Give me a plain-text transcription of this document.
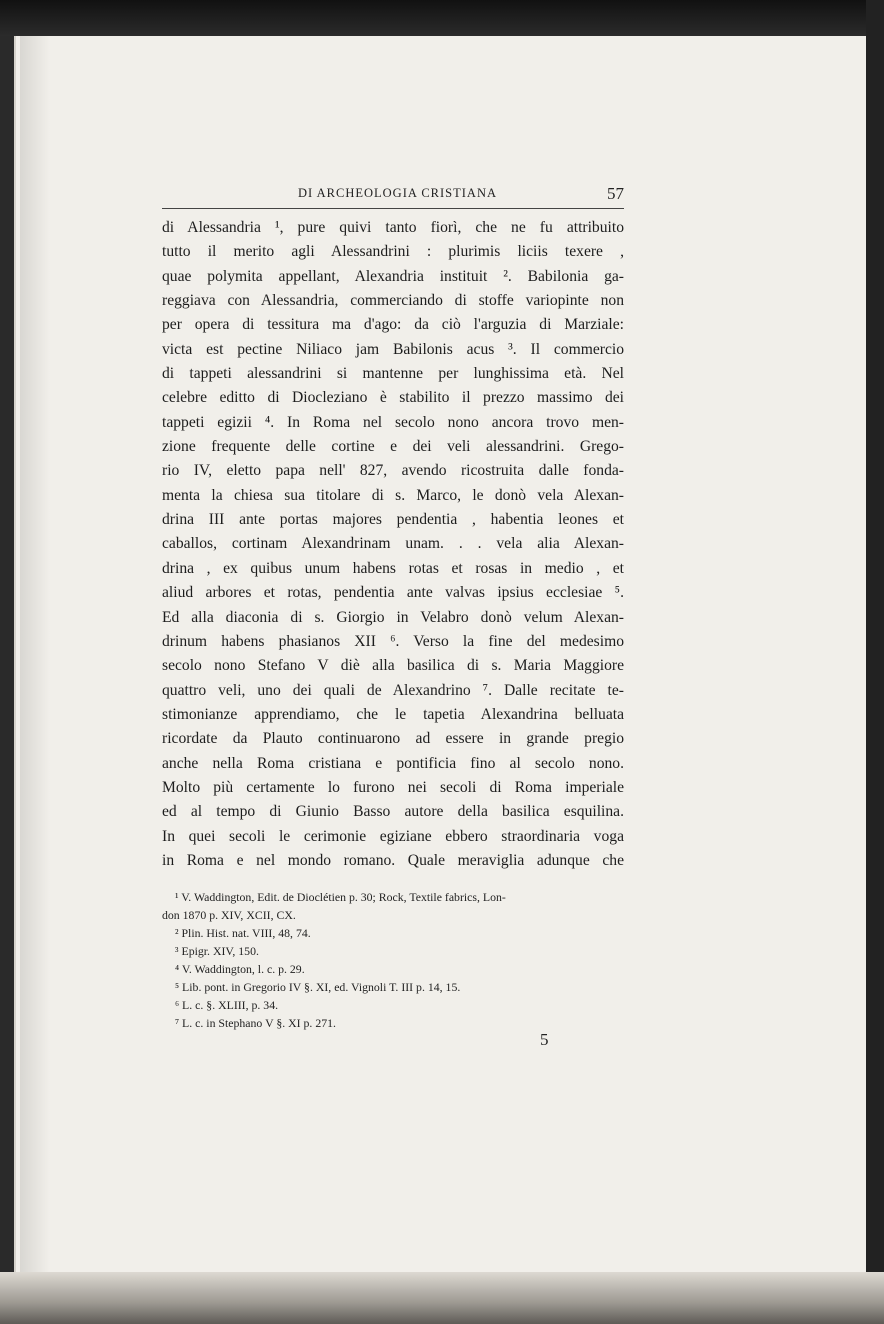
DI ARCHEOLOGIA CRISTIANA	57
di Alessandria ¹, pure quivi tanto fiorì, che ne fu attribuito
tutto il merito agli Alessandrini : plurimis liciis texere ,
quae polymita appellant, Alexandria instituit ². Babilonia ga-
reggiava con Alessandria, commerciando di stoffe variopinte non
per opera di tessitura ma d'ago: da ciò l'arguzia di Marziale:
victa est pectine Niliaco jam Babilonis acus ³. Il commercio
di tappeti alessandrini si mantenne per lunghissima età. Nel
celebre editto di Diocleziano è stabilito il prezzo massimo dei
tappeti egizii ⁴. In Roma nel secolo nono ancora trovo men-
zione frequente delle cortine e dei veli alessandrini. Grego-
rio IV, eletto papa nell' 827, avendo ricostruita dalle fonda-
menta la chiesa sua titolare di s. Marco, le donò vela Alexan-
drina III ante portas majores pendentia , habentia leones et
caballos, cortinam Alexandrinam unam. . . vela alia Alexan-
drina , ex quibus unum habens rotas et rosas in medio , et
aliud arbores et rotas, pendentia ante valvas ipsius ecclesiae ⁵.
Ed alla diaconia di s. Giorgio in Velabro donò velum Alexan-
drinum habens phasianos XII ⁶. Verso la fine del medesimo
secolo nono Stefano V diè alla basilica di s. Maria Maggiore
quattro veli, uno dei quali de Alexandrino ⁷. Dalle recitate te-
stimonianze apprendiamo, che le tapetia Alexandrina belluata
ricordate da Plauto continuarono ad essere in grande pregio
anche nella Roma cristiana e pontificia fino al secolo nono.
Molto più certamente lo furono nei secoli di Roma imperiale
ed al tempo di Giunio Basso autore della basilica esquilina.
In quei secoli le cerimonie egiziane ebbero straordinaria voga
in Roma e nel mondo romano. Quale meraviglia adunque che
¹ V. Waddington, Edit. de Dioclétien p. 30; Rock, Textile fabrics, Lon-
don 1870 p. XIV, XCII, CX.
² Plin. Hist. nat. VIII, 48, 74.
³ Epigr. XIV, 150.
⁴ V. Waddington, l. c. p. 29.
⁵ Lib. pont. in Gregorio IV §. XI, ed. Vignoli T. III p. 14, 15.
⁶ L. c. §. XLIII, p. 34.
⁷ L. c. in Stephano V §. XI p. 271.
5
